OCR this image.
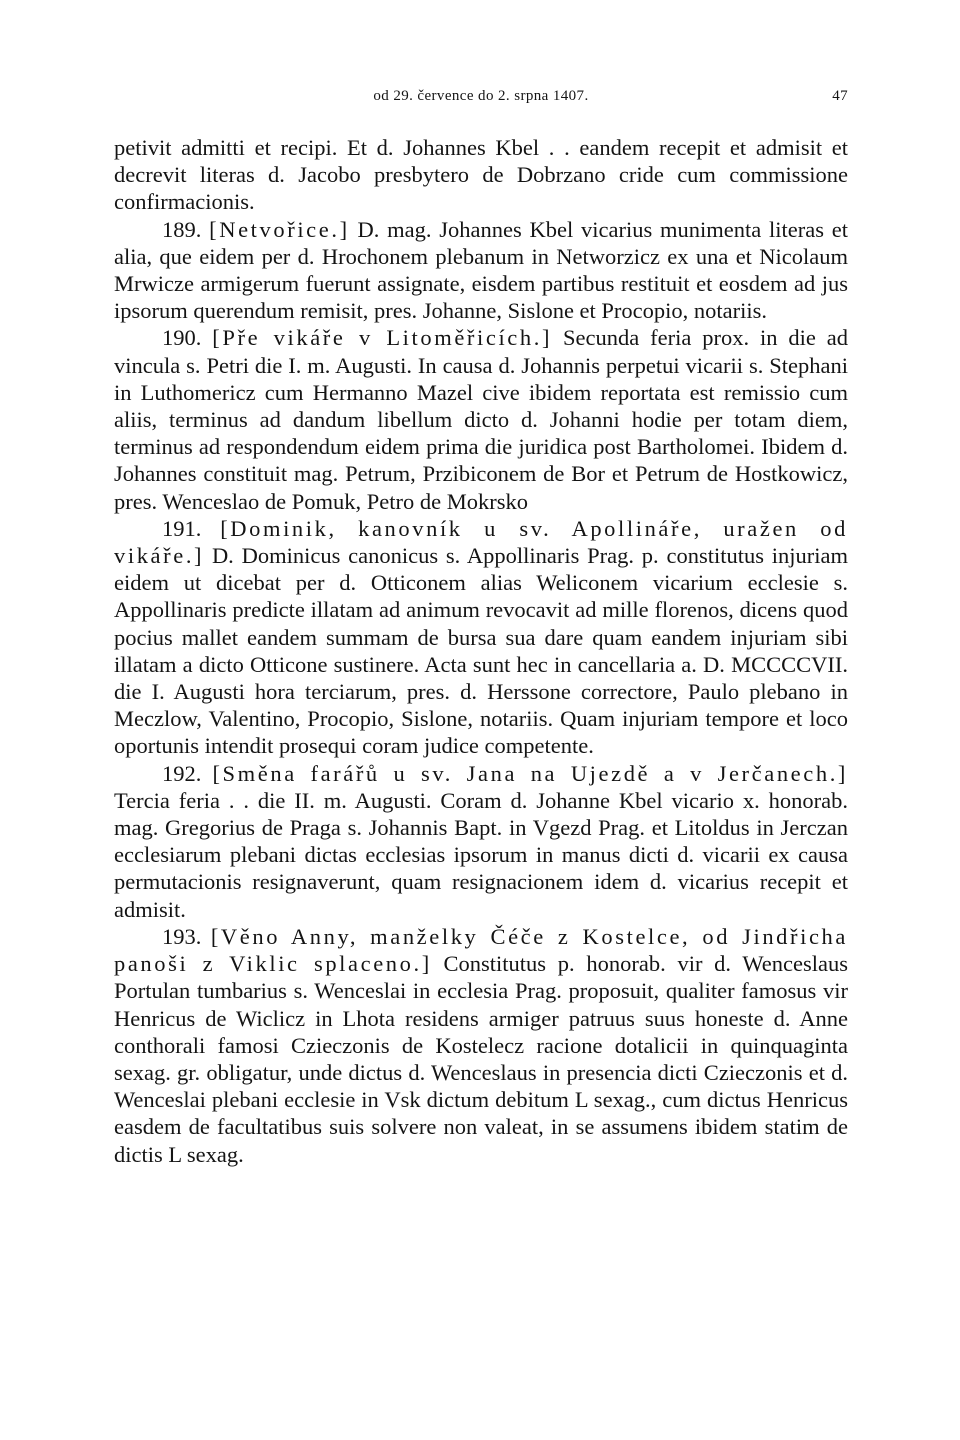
od 29. července do 2. srpna 1407.	47

petivit admitti et recipi. Et d. Johannes Kbel . . eandem recepit et admisit et decrevit literas d. Jacobo presbytero de Dobrzano cride cum commissione confirmacionis.

189. [Netvořice.] D. mag. Johannes Kbel vicarius munimenta literas et alia, que eidem per d. Hrochonem plebanum in Networzicz ex una et Nicolaum Mrwicze armigerum fuerunt assignate, eisdem partibus restituit et eosdem ad jus ipsorum querendum remisit, pres. Johanne, Sislone et Procopio, notariis.

190. [Pře vikáře v Litoměřicích.] Secunda feria prox. in die ad vincula s. Petri die I. m. Augusti. In causa d. Johannis perpetui vicarii s. Stephani in Luthomericz cum Hermanno Mazel cive ibidem reportata est remissio cum aliis, terminus ad dandum libellum dicto d. Johanni hodie per totam diem, terminus ad respondendum eidem prima die juridica post Bartholomei. Ibidem d. Johannes constituit mag. Petrum, Przibiconem de Bor et Petrum de Hostkowicz, pres. Wenceslao de Pomuk, Petro de Mokrsko

191. [Dominik, kanovník u sv. Apollináře, uražen od vikáře.] D. Dominicus canonicus s. Appollinaris Prag. p. constitutus injuriam eidem ut dicebat per d. Otticonem alias Weliconem vicarium ecclesie s. Appollinaris predicte illatam ad animum revocavit ad mille florenos, dicens quod pocius mallet eandem summam de bursa sua dare quam eandem injuriam sibi illatam a dicto Otticone sustinere. Acta sunt hec in cancellaria a. D. MCCCCVII. die I. Augusti hora terciarum, pres. d. Herssone correctore, Paulo plebano in Meczlow, Valentino, Procopio, Sislone, notariis. Quam injuriam tempore et loco oportunis intendit prosequi coram judice competente.

192. [Směna farářů u sv. Jana na Ujezdě a v Jerčanech.] Tercia feria . . die II. m. Augusti. Coram d. Johanne Kbel vicario x. honorab. mag. Gregorius de Praga s. Johannis Bapt. in Vgezd Prag. et Litoldus in Jerczan ecclesiarum plebani dictas ecclesias ipsorum in manus dicti d. vicarii ex causa permutacionis resignaverunt, quam resignacionem idem d. vicarius recepit et admisit.

193. [Věno Anny, manželky Čéče z Kostelce, od Jindřicha panoši z Viklic splaceno.] Constitutus p. honorab. vir d. Wenceslaus Portulan tumbarius s. Wenceslai in ecclesia Prag. proposuit, qualiter famosus vir Henricus de Wiclicz in Lhota residens armiger patruus suus honeste d. Anne conthorali famosi Czieczonis de Kostelecz racione dotalicii in quinquaginta sexag. gr. obligatur, unde dictus d. Wenceslaus in presencia dicti Czieczonis et d. Wenceslai plebani ecclesie in Vsk dictum debitum L sexag., cum dictus Henricus easdem de facultatibus suis solvere non valeat, in se assumens ibidem statim de dictis L sexag.
